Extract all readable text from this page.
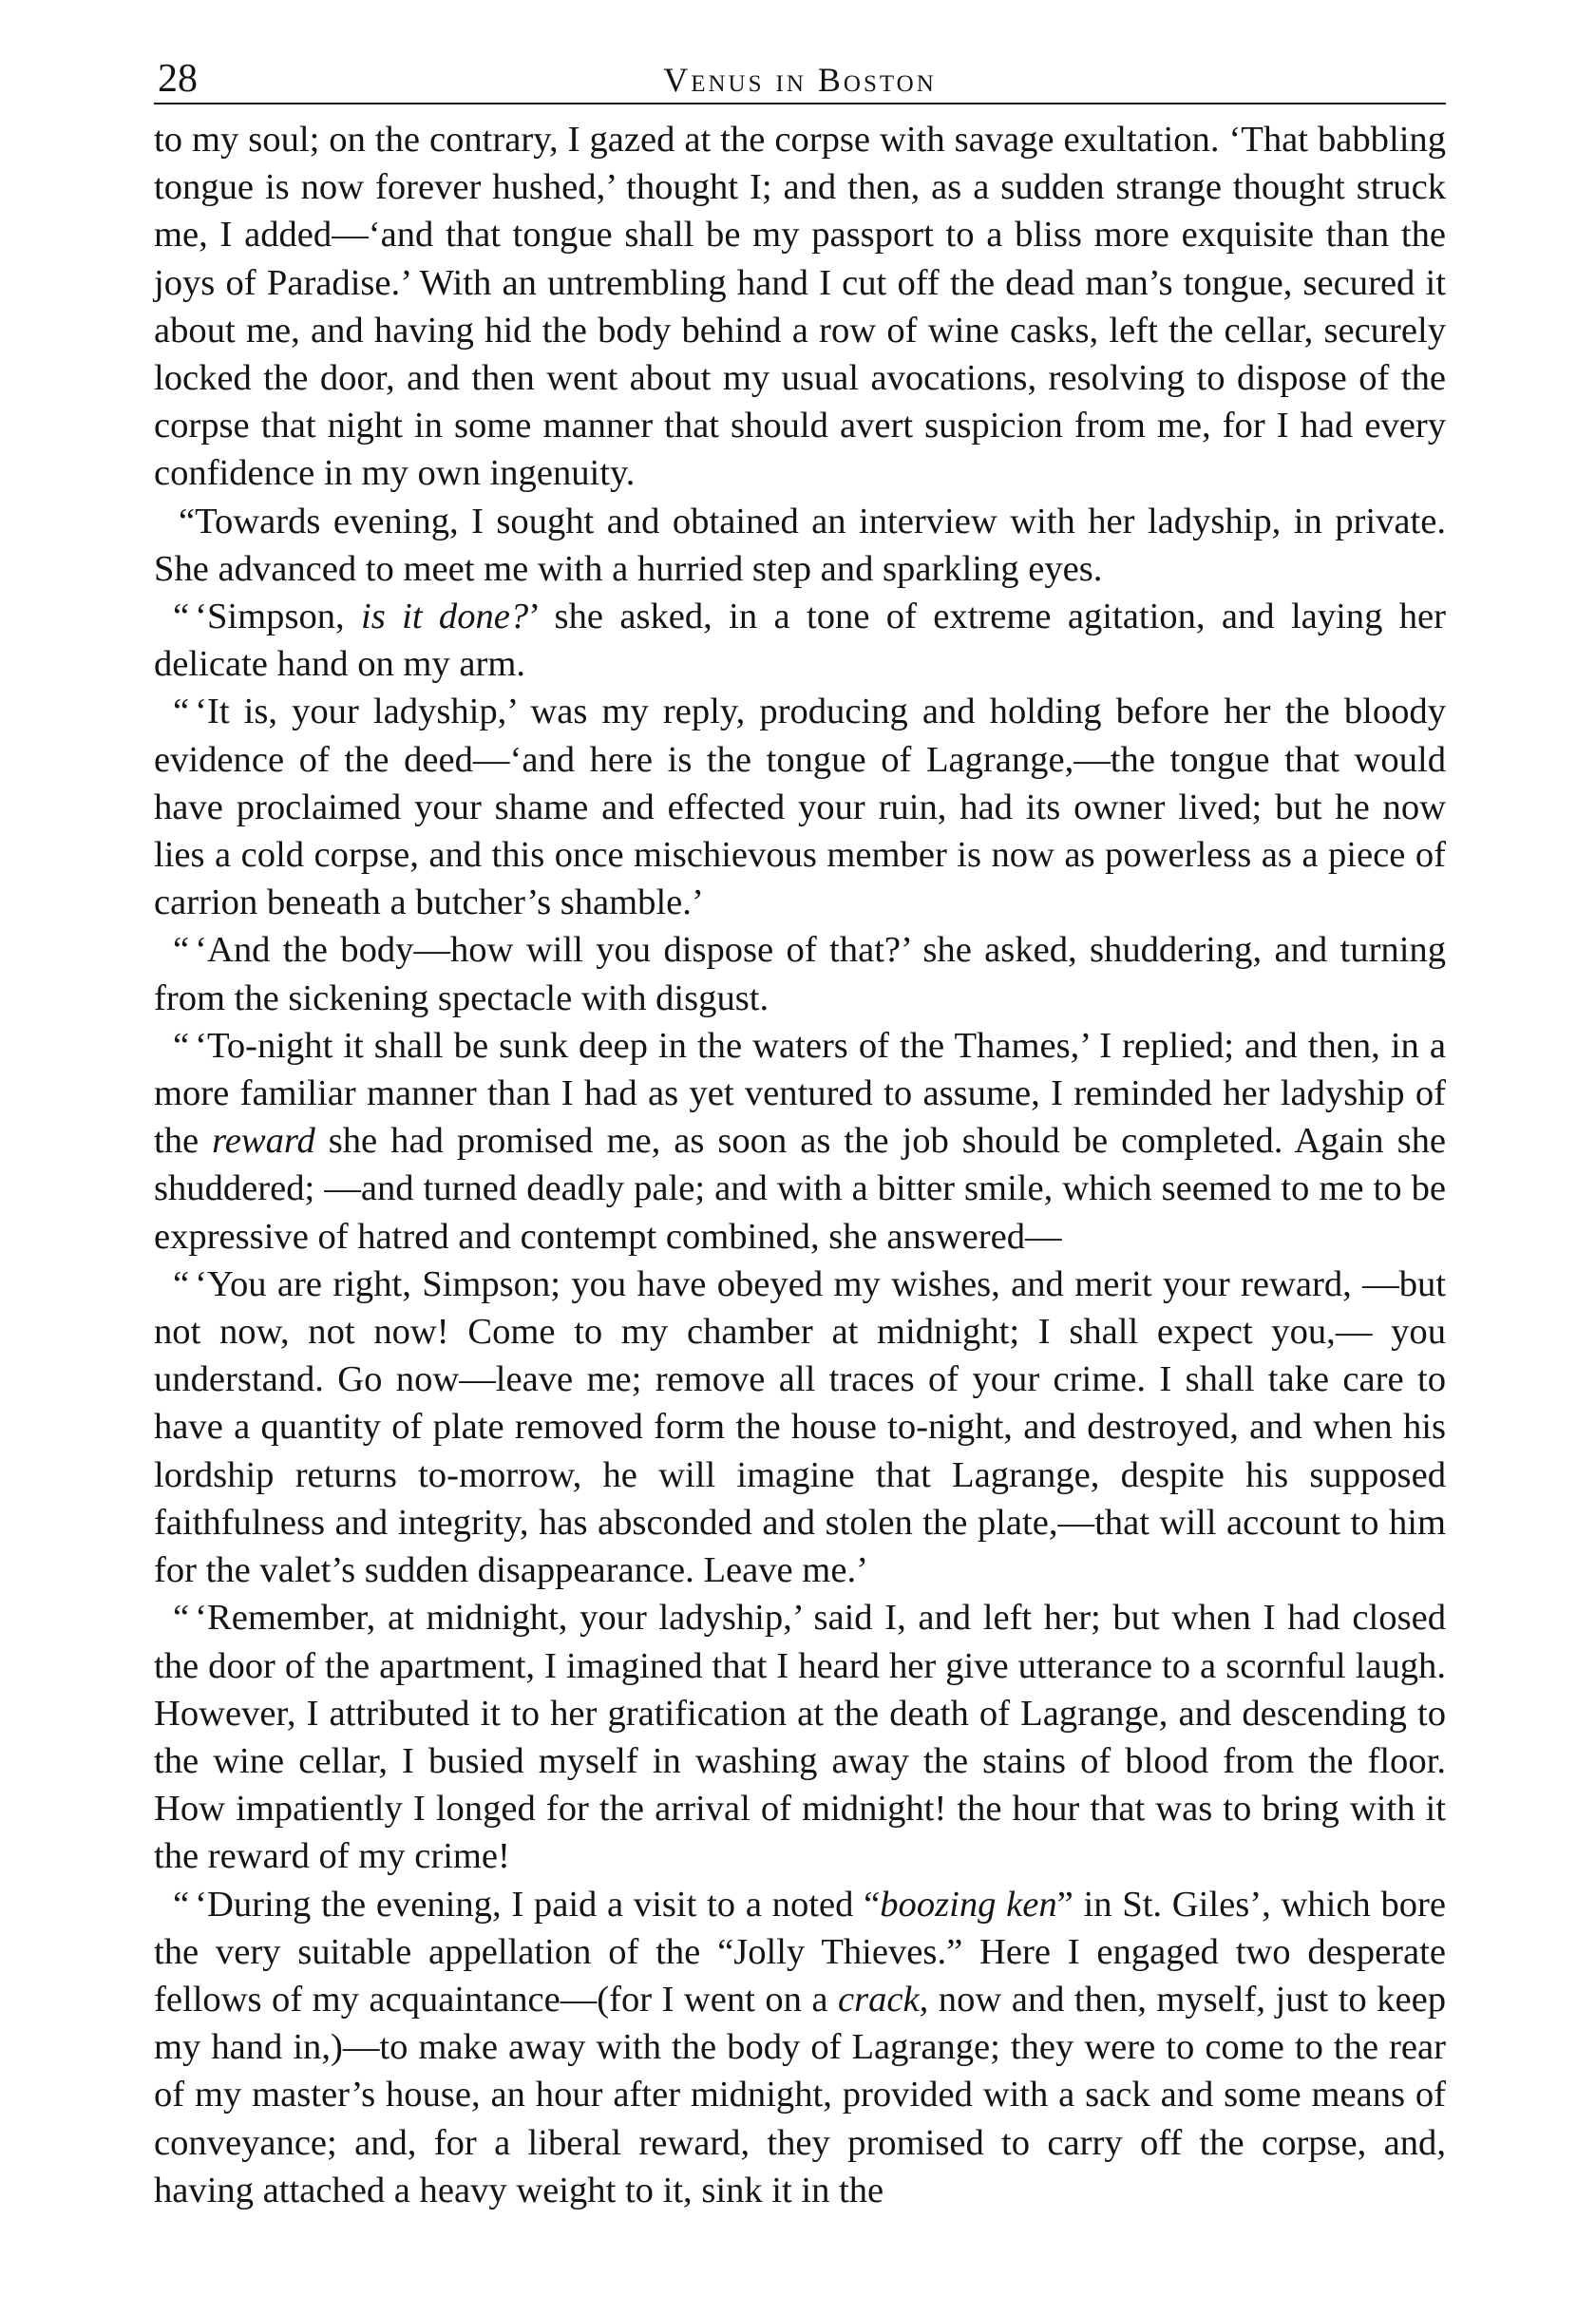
28	Venus in Boston

to my soul; on the contrary, I gazed at the corpse with savage exultation. ‘That babbling tongue is now forever hushed,’ thought I; and then, as a sudden strange thought struck me, I added—‘and that tongue shall be my passport to a bliss more exquisite than the joys of Paradise.’ With an untrembling hand I cut off the dead man’s tongue, secured it about me, and having hid the body behind a row of wine casks, left the cellar, securely locked the door, and then went about my usual avocations, resolving to dispose of the corpse that night in some manner that should avert suspicion from me, for I had every confidence in my own ingenuity.

“Towards evening, I sought and obtained an interview with her ladyship, in private. She advanced to meet me with a hurried step and sparkling eyes.

“ ‘Simpson, is it done?’ she asked, in a tone of extreme agitation, and laying her delicate hand on my arm.

“ ‘It is, your ladyship,’ was my reply, producing and holding before her the bloody evidence of the deed—‘and here is the tongue of Lagrange,—the tongue that would have proclaimed your shame and effected your ruin, had its owner lived; but he now lies a cold corpse, and this once mischievous member is now as powerless as a piece of carrion beneath a butcher’s shamble.’

“ ‘And the body—how will you dispose of that?’ she asked, shuddering, and turning from the sickening spectacle with disgust.

“ ‘To-night it shall be sunk deep in the waters of the Thames,’ I replied; and then, in a more familiar manner than I had as yet ventured to assume, I reminded her ladyship of the reward she had promised me, as soon as the job should be completed. Again she shuddered; —and turned deadly pale; and with a bitter smile, which seemed to me to be expressive of hatred and contempt combined, she answered—

“ ‘You are right, Simpson; you have obeyed my wishes, and merit your reward, —but not now, not now! Come to my chamber at midnight; I shall expect you,— you understand. Go now—leave me; remove all traces of your crime. I shall take care to have a quantity of plate removed form the house to-night, and destroyed, and when his lordship returns to-morrow, he will imagine that Lagrange, despite his supposed faithfulness and integrity, has absconded and stolen the plate,—that will account to him for the valet’s sudden disappearance. Leave me.’

“ ‘Remember, at midnight, your ladyship,’ said I, and left her; but when I had closed the door of the apartment, I imagined that I heard her give utterance to a scornful laugh. However, I attributed it to her gratification at the death of Lagrange, and descending to the wine cellar, I busied myself in washing away the stains of blood from the floor. How impatiently I longed for the arrival of midnight! the hour that was to bring with it the reward of my crime!

“ ‘During the evening, I paid a visit to a noted “boozing ken” in St. Giles’, which bore the very suitable appellation of the “Jolly Thieves.” Here I engaged two desperate fellows of my acquaintance—(for I went on a crack, now and then, myself, just to keep my hand in,)—to make away with the body of Lagrange; they were to come to the rear of my master’s house, an hour after midnight, provided with a sack and some means of conveyance; and, for a liberal reward, they promised to carry off the corpse, and, having attached a heavy weight to it, sink it in the
